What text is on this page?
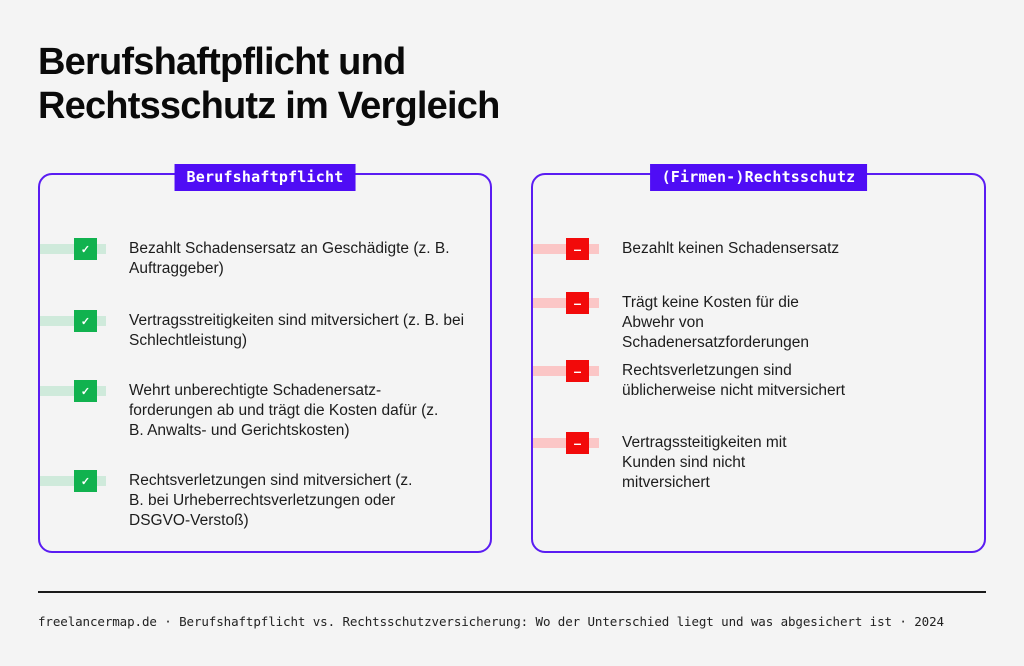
Berufshaftpflicht und
Rechtsschutz im Vergleich
Berufshaftpflicht
✓	Bezahlt Schadensersatz an Geschädigte (z. B. Auftraggeber)
✓	Vertragsstreitigkeiten sind mitversichert (z. B. bei Schlechtleistung)
✓	Wehrt unberechtigte Schadenersatz-forderungen ab und trägt die Kosten dafür (z. B. Anwalts- und Gerichtskosten)
✓	Rechtsverletzungen sind mitversichert (z. B. bei Urheberrechtsverletzungen oder DSGVO-Verstoß)
(Firmen-)Rechtsschutz
–	Bezahlt keinen Schadensersatz
–	Trägt keine Kosten für die Abwehr von Schadenersatzforderungen
–	Rechtsverletzungen sind üblicherweise nicht mitversichert
–	Vertragssteitigkeiten mit Kunden sind nicht mitversichert
freelancermap.de · Berufshaftpflicht vs. Rechtsschutzversicherung: Wo der Unterschied liegt und was abgesichert ist · 2024
